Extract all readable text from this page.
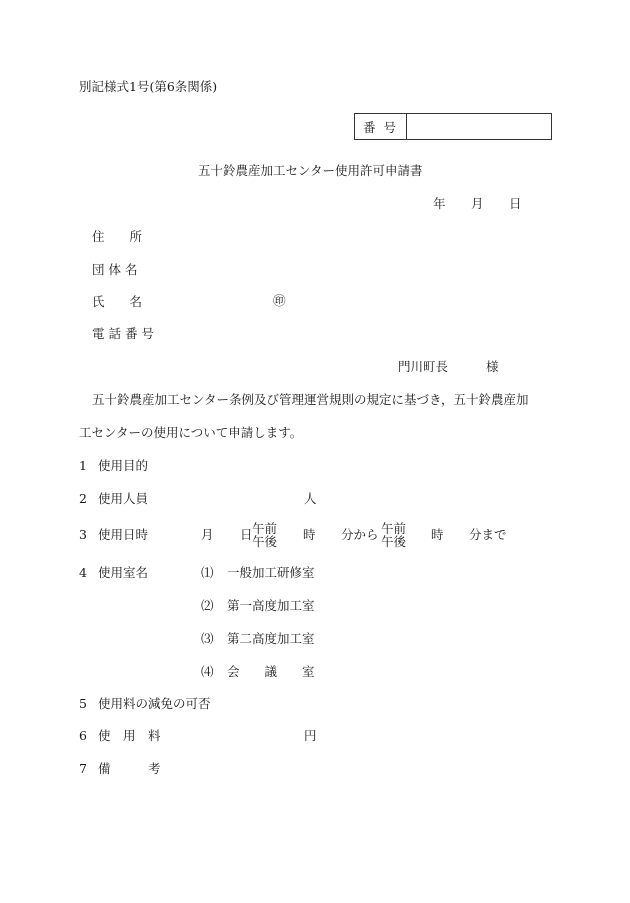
別記様式1号(第6条関係)
番号
五十鈴農産加工センター使用許可申請書
年 月 日
住　　所
団 体 名
氏　　名	㊞
電 話 番 号
門川町長	様
五十鈴農産加工センター条例及び管理運営規則の規定に基づき，五十鈴農産加
工センターの使用について申請します。
1 使用目的
2 使用人員	人
3 使用日時	月 日 午前
午後 時 分から 午前
午後 時 分まで
4 使用室名	⑴ 一般加工研修室
⑵ 第一高度加工室
⑶ 第二高度加工室
⑷ 会　　議　　室
5 使用料の減免の可否
6 使　用　料	円
7 備　　　考
